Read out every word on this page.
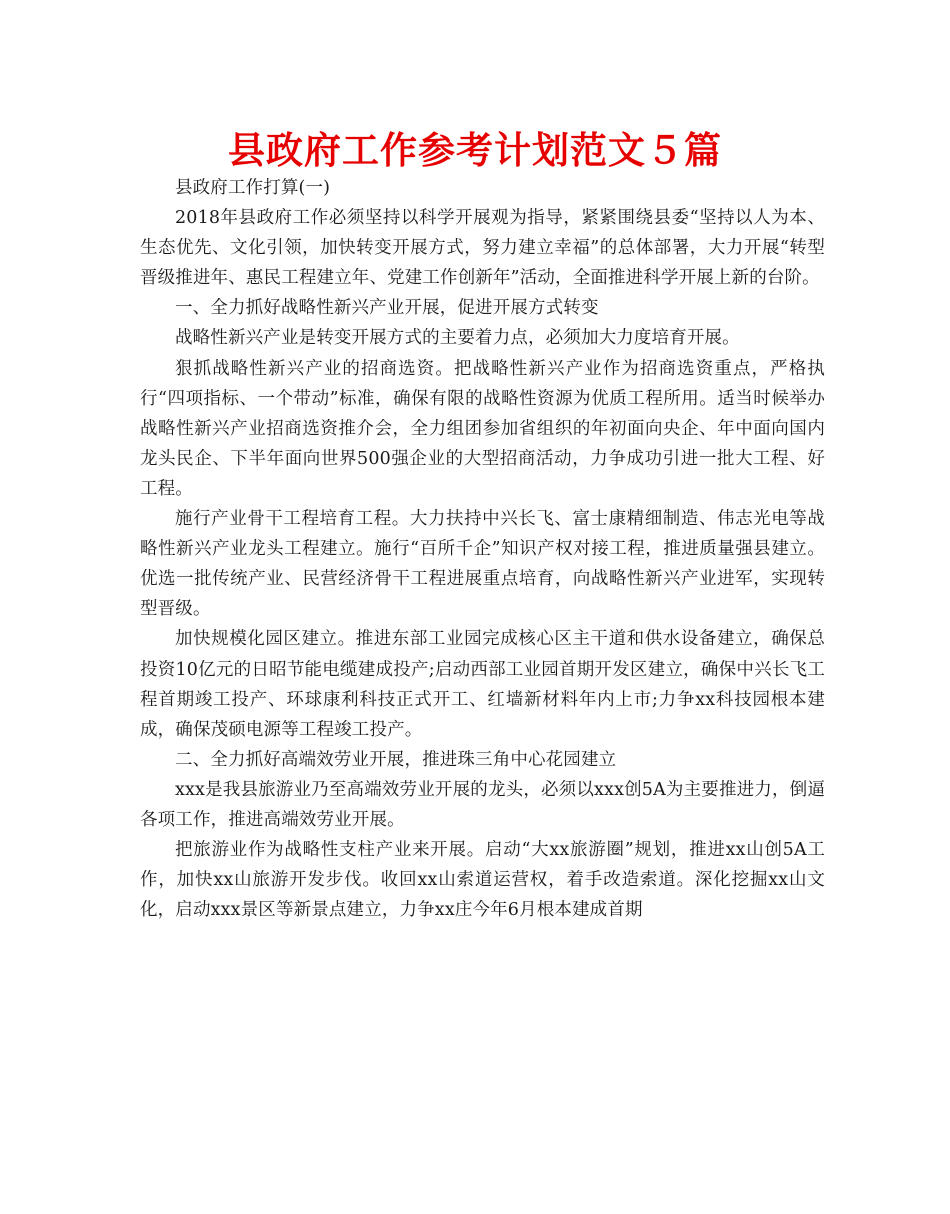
县政府工作参考计划范文５篇

县政府工作打算(一)

2018年县政府工作必须坚持以科学开展观为指导，紧紧围绕县委“坚持以人为本、生态优先、文化引领，加快转变开展方式，努力建立幸福”的总体部署，大力开展“转型晋级推进年、惠民工程建立年、党建工作创新年”活动，全面推进科学开展上新的台阶。

一、全力抓好战略性新兴产业开展，促进开展方式转变

战略性新兴产业是转变开展方式的主要着力点，必须加大力度培育开展。

狠抓战略性新兴产业的招商选资。把战略性新兴产业作为招商选资重点，严格执行“四项指标、一个带动”标准，确保有限的战略性资源为优质工程所用。适当时候举办战略性新兴产业招商选资推介会，全力组团参加省组织的年初面向央企、年中面向国内龙头民企、下半年面向世界500强企业的大型招商活动，力争成功引进一批大工程、好工程。

施行产业骨干工程培育工程。大力扶持中兴长飞、富士康精细制造、伟志光电等战略性新兴产业龙头工程建立。施行“百所千企”知识产权对接工程，推进质量强县建立。优选一批传统产业、民营经济骨干工程进展重点培育，向战略性新兴产业进军，实现转型晋级。

加快规模化园区建立。推进东部工业园完成核心区主干道和供水设备建立，确保总投资10亿元的日昭节能电缆建成投产;启动西部工业园首期开发区建立，确保中兴长飞工程首期竣工投产、环球康利科技正式开工、红墙新材料年内上市;力争xx科技园根本建成，确保茂硕电源等工程竣工投产。

二、全力抓好高端效劳业开展，推进珠三角中心花园建立

xxx是我县旅游业乃至高端效劳业开展的龙头，必须以xxx创5A为主要推进力，倒逼各项工作，推进高端效劳业开展。

把旅游业作为战略性支柱产业来开展。启动“大xx旅游圈”规划，推进xx山创5A工作，加快xx山旅游开发步伐。收回xx山索道运营权，着手改造索道。深化挖掘xx山文化，启动xxx景区等新景点建立，力争xx庄今年6月根本建成首期
